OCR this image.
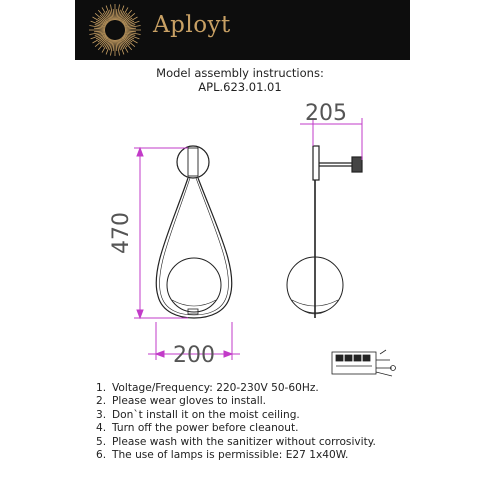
Aployt
Model assembly instructions:
APL.623.01.01
470
200
205
1. Voltage/Frequency: 220-230V 50-60Hz.
2. Please wear gloves to install.
3. Don`t install it on the moist ceiling.
4. Turn off the power before cleanout.
5. Please wash with the sanitizer without corrosivity.
6. The use of lamps is permissible: E27 1x40W.
